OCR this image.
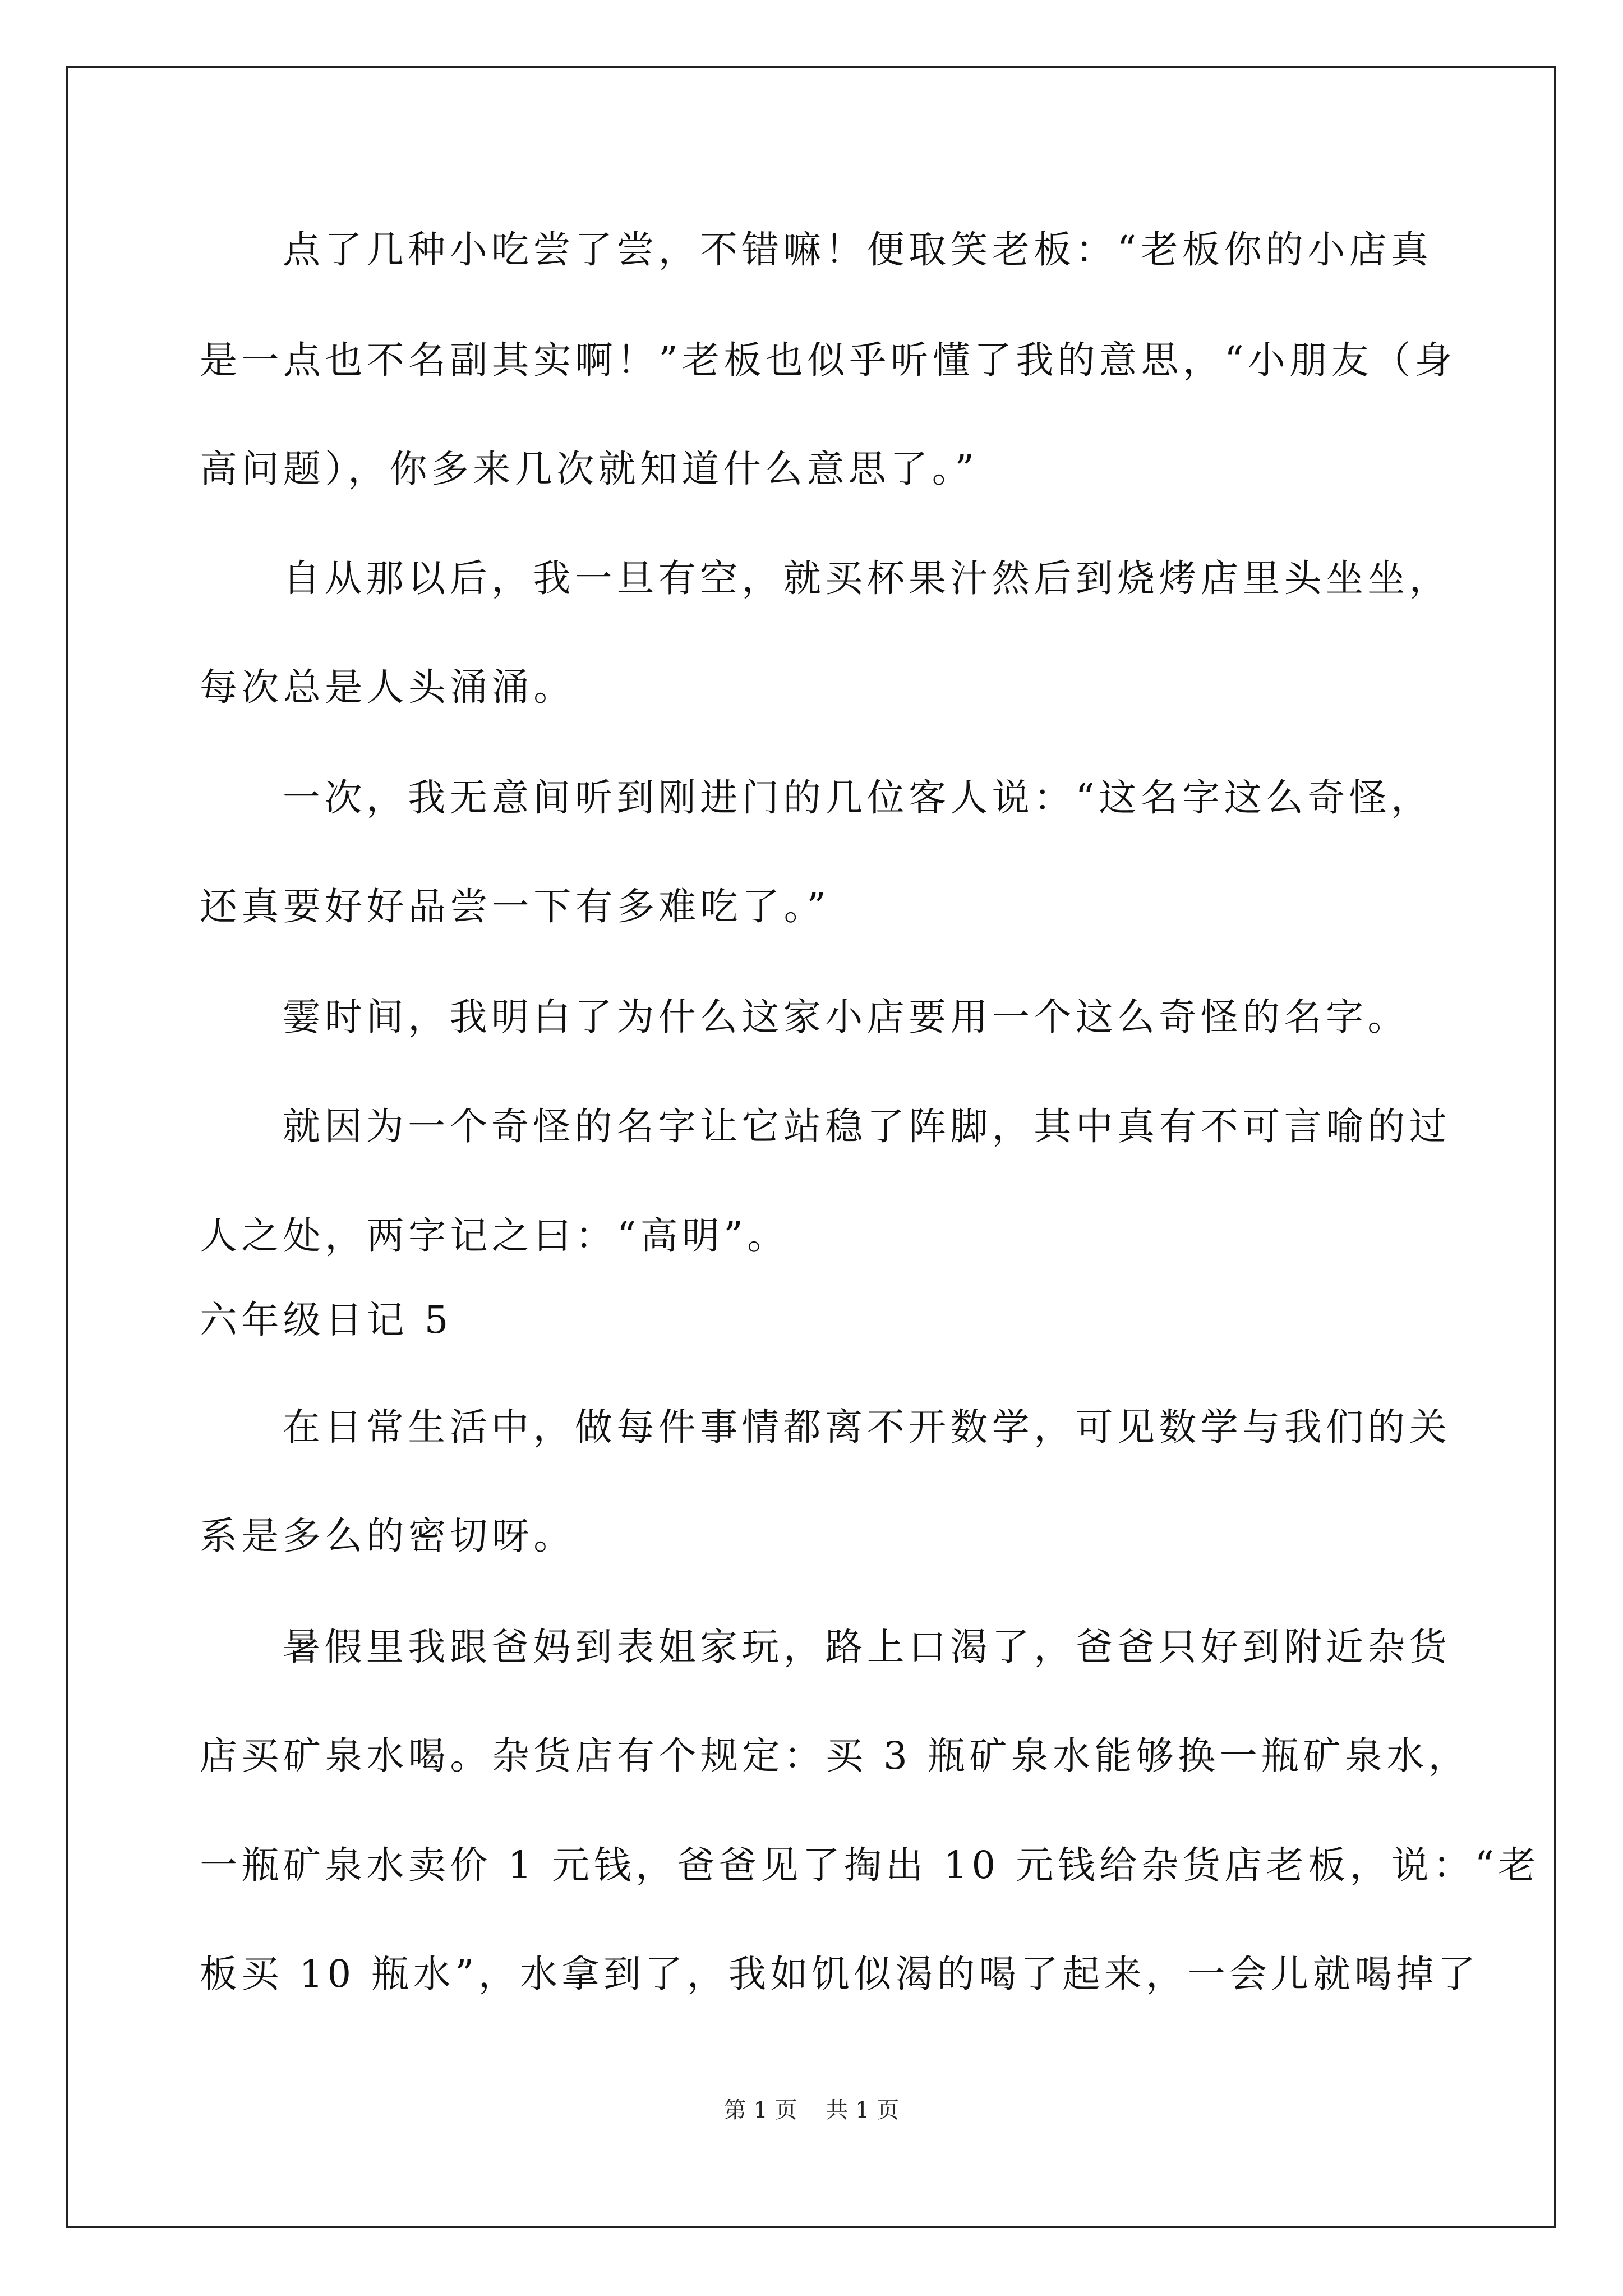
点了几种小吃尝了尝，不错嘛！便取笑老板：“老板你的小店真
是一点也不名副其实啊！”老板也似乎听懂了我的意思，“小朋友（身
高问题），你多来几次就知道什么意思了。”
自从那以后，我一旦有空，就买杯果汁然后到烧烤店里头坐坐，
每次总是人头涌涌。
一次，我无意间听到刚进门的几位客人说：“这名字这么奇怪，
还真要好好品尝一下有多难吃了。”
霎时间，我明白了为什么这家小店要用一个这么奇怪的名字。
就因为一个奇怪的名字让它站稳了阵脚，其中真有不可言喻的过
人之处，两字记之曰：“高明”。
六年级日记 5
在日常生活中，做每件事情都离不开数学，可见数学与我们的关
系是多么的密切呀。
暑假里我跟爸妈到表姐家玩，路上口渴了，爸爸只好到附近杂货
店买矿泉水喝。杂货店有个规定：买 3 瓶矿泉水能够换一瓶矿泉水，
一瓶矿泉水卖价 1 元钱，爸爸见了掏出 10 元钱给杂货店老板，说：“老
板买 10 瓶水”，水拿到了，我如饥似渴的喝了起来，一会儿就喝掉了
第 1 页    共 1 页
